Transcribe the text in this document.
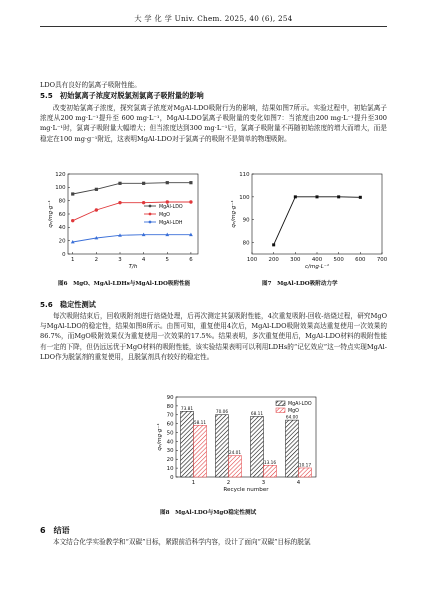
大 学 化 学 Univ. Chem. 2025, 40 (6), 254
LDO具有良好的氯离子吸附性能。
5.5　初始氯离子浓度对脱氯剂氯离子吸附量的影响

改变初始氯离子浓度，探究氯离子浓度对MgAl-LDO吸附行为的影响，结果如图7所示。实验过程中，初始氯离子浓度从200 mg·L⁻¹提升至 600 mg·L⁻¹，MgAl-LDO氯离子吸附量的变化如图7：当浓度由200 mg·L⁻¹提升至300 mg·L⁻¹时，氯离子吸附量大幅增大；但当浓度达到300 mg·L⁻¹后，氯离子吸附量不再随初始浓度的增大而增大，而是稳定在100 mg·g⁻¹附近，这表明MgAl-LDO对于氯离子的吸附不是简单的物理吸附。

0
20
40
60
80
100
120
1	2	3	4	5	6
T/h
qₑ/mg·g⁻¹	MgAl-LDO
MgO
MgAl-LDH
图6　MgO、MgAl-LDHs与MgAl-LDO吸附性能
80
90
100
110
100 200 300 400 500 600 700
c/mg·L⁻¹
qₑ/mg·g⁻¹
图7　MgAl-LDO吸附动力学
5.6　稳定性测试

每次吸附结束后，回收吸附剂进行焙烧处理，后再次测定其氯吸附性能，4次重复吸附-回收-焙烧过程，研究MgO与MgAl-LDO的稳定性，结果如图8所示。由图可知，重复使用4次后，MgAl-LDO吸附效果高达重复使用一次效果的86.7%，而MgO吸附效果仅为重复使用一次效果的17.5%。结果表明，多次重复使用后，MgAl-LDO材料的吸附性能有一定的下降，但仍远远优于MgO材料的吸附性能，该实验结果表明可以利用LDHs的“记忆效应”这一特点实现MgAl-LDO作为脱氯剂的重复使用，且脱氯剂具有较好的稳定性。

0
10
20
30
40
50
60
70
80
90
1	2	3	4
73.81
58.11
70.06
24.01
68.11
13.16
64.00
10.17
Recycle number
qₑ/mg·g⁻¹
MgAl-LDO
MgO
图8　MgAl-LDO与MgO稳定性测试
6　结语

本文结合化学实验教学和“双碳”目标，紧跟前沿科学内容，设计了面向“双碳”目标的脱氯
